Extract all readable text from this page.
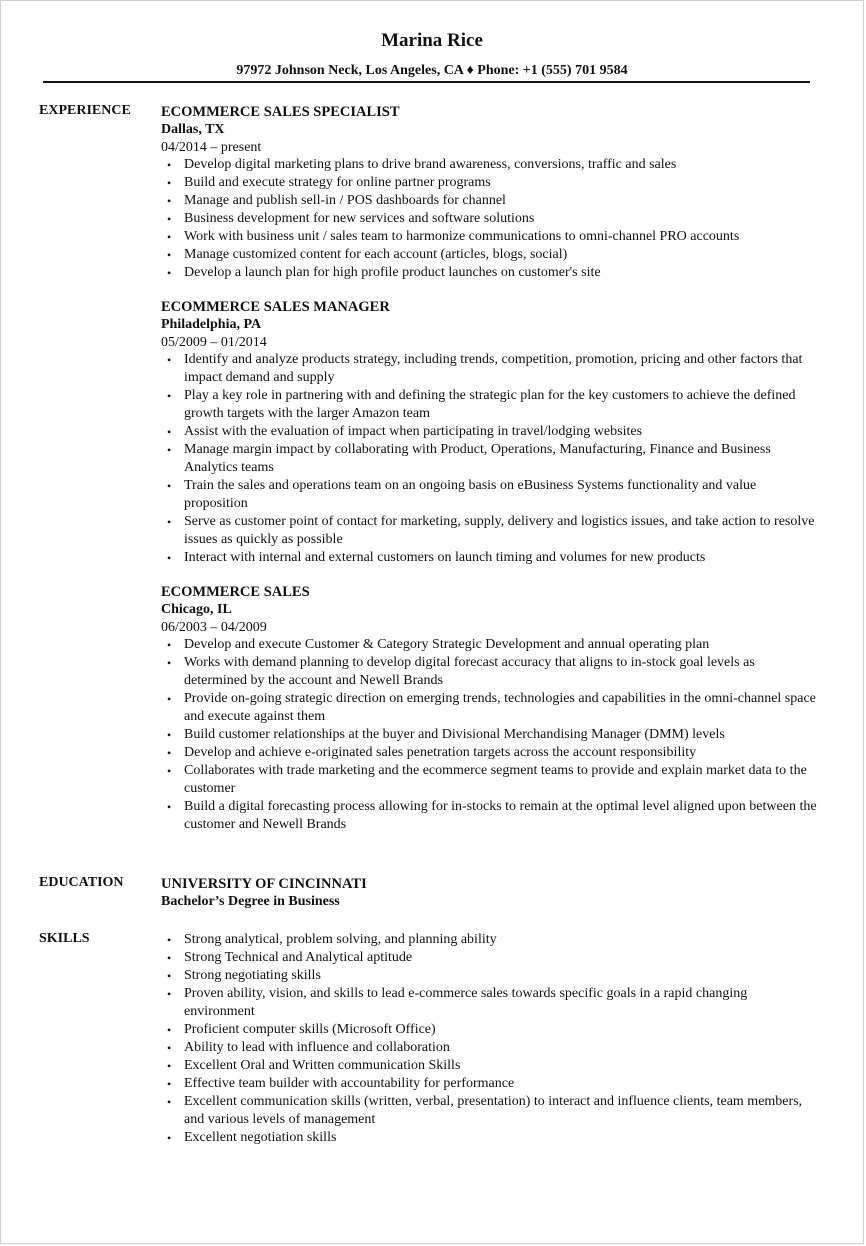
Marina Rice
97972 Johnson Neck, Los Angeles, CA ♦ Phone: +1 (555) 701 9584
EXPERIENCE ECOMMERCE SALES SPECIALIST
Dallas, TX
04/2014 – present
• Develop digital marketing plans to drive brand awareness, conversions, traffic and sales
• Build and execute strategy for online partner programs
• Manage and publish sell-in / POS dashboards for channel
• Business development for new services and software solutions
• Work with business unit / sales team to harmonize communications to omni-channel PRO accounts
• Manage customized content for each account (articles, blogs, social)
• Develop a launch plan for high profile product launches on customer's site
ECOMMERCE SALES MANAGER
Philadelphia, PA
05/2009 – 01/2014
• Identify and analyze products strategy, including trends, competition, promotion, pricing and other factors that impact demand and supply
• Play a key role in partnering with and defining the strategic plan for the key customers to achieve the defined growth targets with the larger Amazon team
• Assist with the evaluation of impact when participating in travel/lodging websites
• Manage margin impact by collaborating with Product, Operations, Manufacturing, Finance and Business Analytics teams
• Train the sales and operations team on an ongoing basis on eBusiness Systems functionality and value proposition
• Serve as customer point of contact for marketing, supply, delivery and logistics issues, and take action to resolve issues as quickly as possible
• Interact with internal and external customers on launch timing and volumes for new products
ECOMMERCE SALES
Chicago, IL
06/2003 – 04/2009
• Develop and execute Customer & Category Strategic Development and annual operating plan
• Works with demand planning to develop digital forecast accuracy that aligns to in-stock goal levels as determined by the account and Newell Brands
• Provide on-going strategic direction on emerging trends, technologies and capabilities in the omni-channel space and execute against them
• Build customer relationships at the buyer and Divisional Merchandising Manager (DMM) levels
• Develop and achieve e-originated sales penetration targets across the account responsibility
• Collaborates with trade marketing and the ecommerce segment teams to provide and explain market data to the customer
• Build a digital forecasting process allowing for in-stocks to remain at the optimal level aligned upon between the customer and Newell Brands
EDUCATION	UNIVERSITY OF CINCINNATI
Bachelor’s Degree in Business
SKILLS
•	Strong analytical, problem solving, and planning ability
• Strong Technical and Analytical aptitude
• Strong negotiating skills
• Proven ability, vision, and skills to lead e-commerce sales towards specific goals in a rapid changing environment
• Proficient computer skills (Microsoft Office)
• Ability to lead with influence and collaboration
• Excellent Oral and Written communication Skills
• Effective team builder with accountability for performance
• Excellent communication skills (written, verbal, presentation) to interact and influence clients, team members, and various levels of management
• Excellent negotiation skills
